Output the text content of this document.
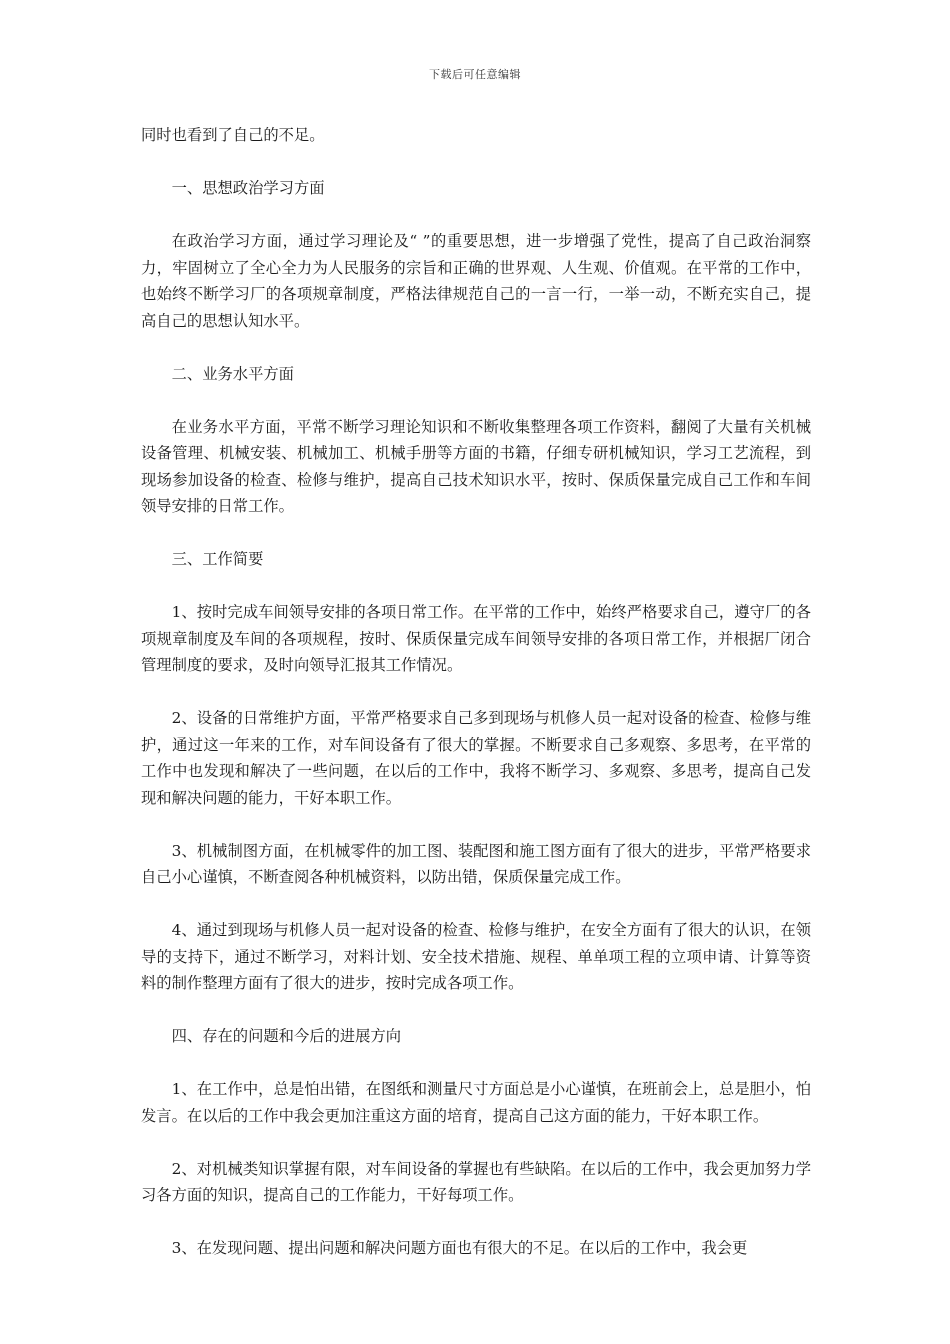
下载后可任意编辑

同时也看到了自己的不足。

一、思想政治学习方面

在政治学习方面，通过学习理论及“ ”的重要思想，进一步增强了党性，提高了自己政治洞察力，牢固树立了全心全力为人民服务的宗旨和正确的世界观、人生观、价值观。在平常的工作中，也始终不断学习厂的各项规章制度，严格法律规范自己的一言一行，一举一动，不断充实自己，提高自己的思想认知水平。

二、业务水平方面

在业务水平方面，平常不断学习理论知识和不断收集整理各项工作资料，翻阅了大量有关机械设备管理、机械安装、机械加工、机械手册等方面的书籍，仔细专研机械知识，学习工艺流程，到现场参加设备的检查、检修与维护，提高自己技术知识水平，按时、保质保量完成自己工作和车间领导安排的日常工作。

三、工作简要

1、按时完成车间领导安排的各项日常工作。在平常的工作中，始终严格要求自己，遵守厂的各项规章制度及车间的各项规程，按时、保质保量完成车间领导安排的各项日常工作，并根据厂闭合管理制度的要求，及时向领导汇报其工作情况。

2、设备的日常维护方面，平常严格要求自己多到现场与机修人员一起对设备的检查、检修与维护，通过这一年来的工作，对车间设备有了很大的掌握。不断要求自己多观察、多思考，在平常的工作中也发现和解决了一些问题，在以后的工作中，我将不断学习、多观察、多思考，提高自己发现和解决问题的能力，干好本职工作。

3、机械制图方面，在机械零件的加工图、装配图和施工图方面有了很大的进步，平常严格要求自己小心谨慎，不断查阅各种机械资料，以防出错，保质保量完成工作。

4、通过到现场与机修人员一起对设备的检查、检修与维护，在安全方面有了很大的认识，在领导的支持下，通过不断学习，对料计划、安全技术措施、规程、单单项工程的立项申请、计算等资料的制作整理方面有了很大的进步，按时完成各项工作。

四、存在的问题和今后的进展方向

1、在工作中，总是怕出错，在图纸和测量尺寸方面总是小心谨慎，在班前会上，总是胆小，怕发言。在以后的工作中我会更加注重这方面的培育，提高自己这方面的能力，干好本职工作。

2、对机械类知识掌握有限，对车间设备的掌握也有些缺陷。在以后的工作中，我会更加努力学习各方面的知识，提高自己的工作能力，干好每项工作。

3、在发现问题、提出问题和解决问题方面也有很大的不足。在以后的工作中，我会更
